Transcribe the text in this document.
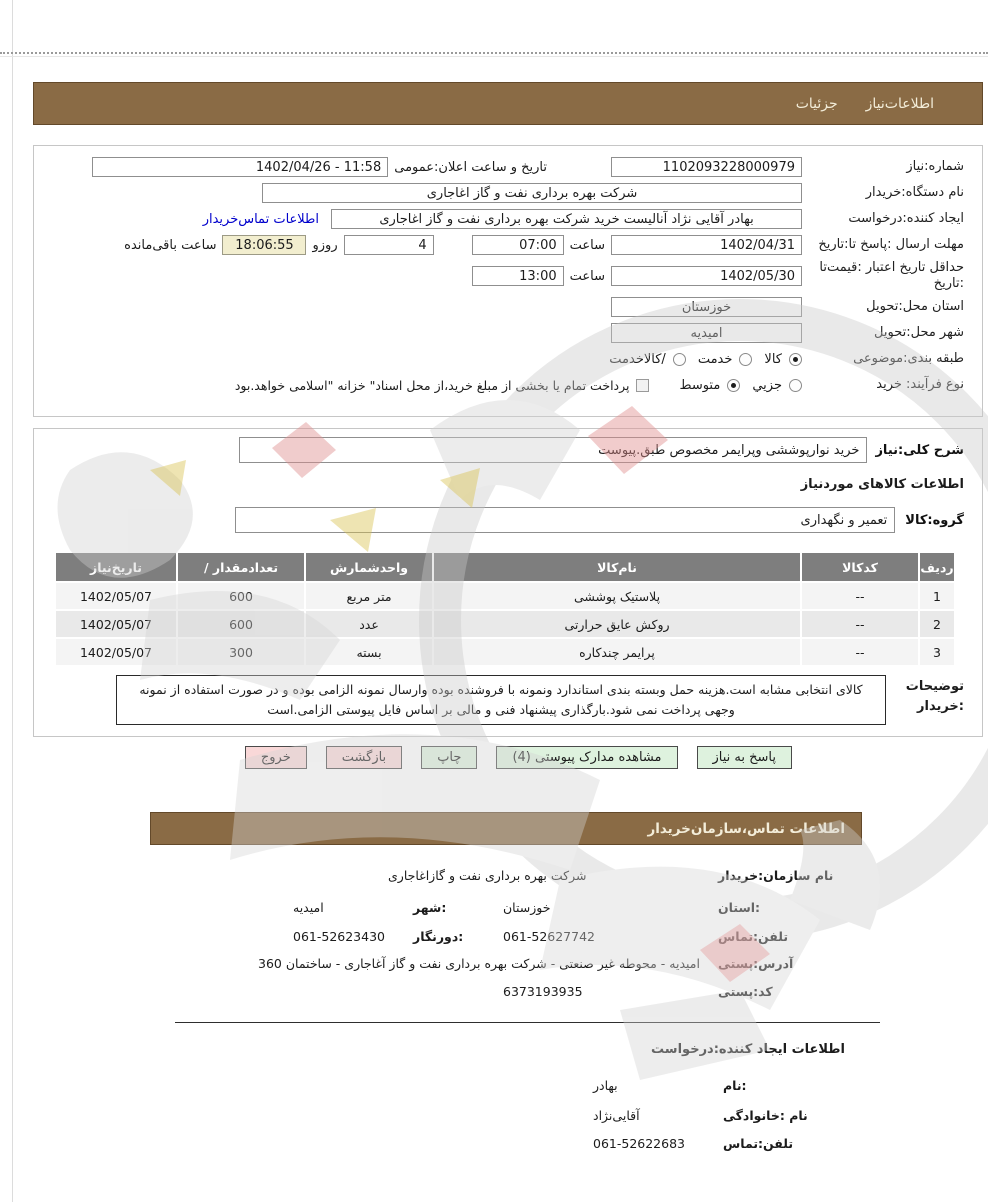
اطلاعات‌نیاز
جزئیات
شماره:نیاز
1102093228000979
تاریخ و ساعت اعلان:عمومی
1402/04/26 - 11:58
نام دستگاه:خریدار
شرکت بهره برداری نفت و گاز اغاجاری
ایجاد کننده:درخواست
بهادر آقایی نژاد آنالیست خرید شرکت بهره برداری نفت و گاز اغاجاری
اطلاعات تماس‌خریدار
مهلت ارسال :پاسخ تا:تاریخ
1402/04/31
ساعت
07:00
4
روزو
18:06:55
ساعت باقی‌مانده
حداقل تاریخ اعتبار :قیمت‌تا
:تاریخ
1402/05/30
ساعت
13:00
استان محل:تحویل
خوزستان
شهر محل:تحویل
امیدیه
طبقه بندی:موضوعی
کالا
خدمت
/کالاخدمت
نوع فرآیند: خرید
جزیي
متوسط
پرداخت تمام یا بخشی از مبلغ خرید،از محل اسناد" خزانه "اسلامی خواهد.بود
شرح کلی:نیاز
خرید نوارپوششی وپرایمر مخصوص طبق.پیوست
اطلاعات کالاهای موردنیاز
گروه:کالا
تعمیر و نگهداری
ردیف
کدکالا
نام‌کالا
واحدشمارش
تعدادمقدار /
تاریخ‌نیاز
1
--
پلاستیک پوششی
متر مربع
600
1402/05/07
2
--
روکش عایق حرارتی
عدد
600
1402/05/07
3
--
پرایمر چندکاره
بسته
300
1402/05/07
توضیحات
:خریدار
کالای انتخابی مشابه است.هزینه حمل وبسته بندی استاندارد ونمونه با فروشنده بوده وارسال نمونه الزامی بوده و در صورت استفاده از نمونه وجهی پرداخت نمی شود.بارگذاری پیشنهاد فنی و مالی بر اساس فایل پیوستی الزامی.است
پاسخ به نیاز
مشاهده مدارک پیوستی (4)
چاپ
بازگشت
خروج
اطلاعات تماس،سازمان‌خریدار
نام سازمان:خریدار
شرکت بهره برداری نفت و گازاغاجاری
:استان
خوزستان
:شهر
امیدیه
تلفن:تماس
061-52627742
:دورنگار
061-52623430
آدرس:پستی
امیدیه - محوطه غیر صنعتی - شرکت بهره برداری نفت و گاز آغاجاری - ساختمان 360
کد:پستی
6373193935
اطلاعات ایجاد کننده:درخواست
:نام
بهادر
نام :خانوادگی
آقایی‌نژاد
تلفن:تماس
061-52622683
